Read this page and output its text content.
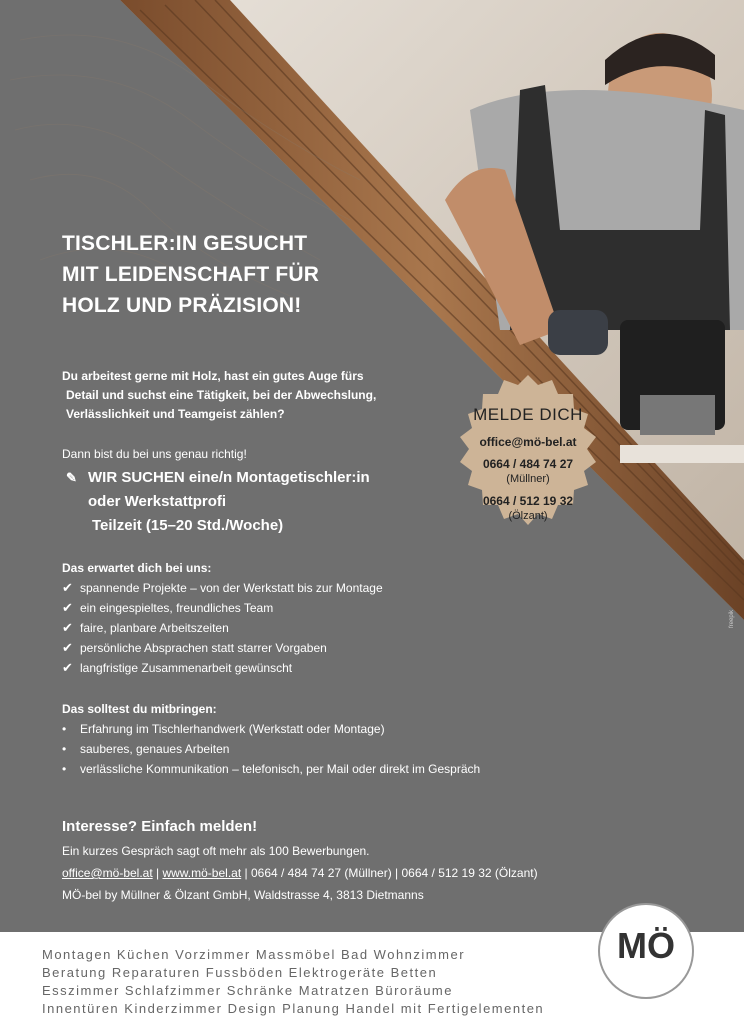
TISCHLER:IN GESUCHT
MIT LEIDENSCHAFT FÜR
HOLZ UND PRÄZISION!
Du arbeitest gerne mit Holz, hast ein gutes Auge fürs
Detail und suchst eine Tätigkeit, bei der Abwechslung,
Verlässlichkeit und Teamgeist zählen?
Dann bist du bei uns genau richtig!
✎ WIR SUCHEN eine/n Montagetischler:in
oder Werkstattprofi
Teilzeit (15–20 Std./Woche)
MELDE DICH
office@mö-bel.at
0664 / 484 74 27
(Müllner)
0664 / 512 19 32
(Ölzant)
Das erwartet dich bei uns:
✔ spannende Projekte – von der Werkstatt bis zur Montage
✔ ein eingespieltes, freundliches Team
✔ faire, planbare Arbeitszeiten
✔ persönliche Absprachen statt starrer Vorgaben
✔ langfristige Zusammenarbeit gewünscht
Das solltest du mitbringen:
• Erfahrung im Tischlerhandwerk (Werkstatt oder Montage)
• sauberes, genaues Arbeiten
• verlässliche Kommunikation – telefonisch, per Mail oder direkt im Gespräch
Interesse? Einfach melden!
Ein kurzes Gespräch sagt oft mehr als 100 Bewerbungen.
office@mö-bel.at | www.mö-bel.at | 0664 / 484 74 27 (Müllner) | 0664 / 512 19 32 (Ölzant)
MÖ-bel by Müllner & Ölzant GmbH, Waldstrasse 4, 3813 Dietmanns
freepik
Montagen Küchen Vorzimmer Massmöbel Bad Wohnzimmer
Beratung Reparaturen Fussböden Elektrogeräte Betten
Esszimmer Schlafzimmer Schränke Matratzen Büroräume
Innentüren Kinderzimmer Design Planung Handel mit Fertigelementen
MÖ
